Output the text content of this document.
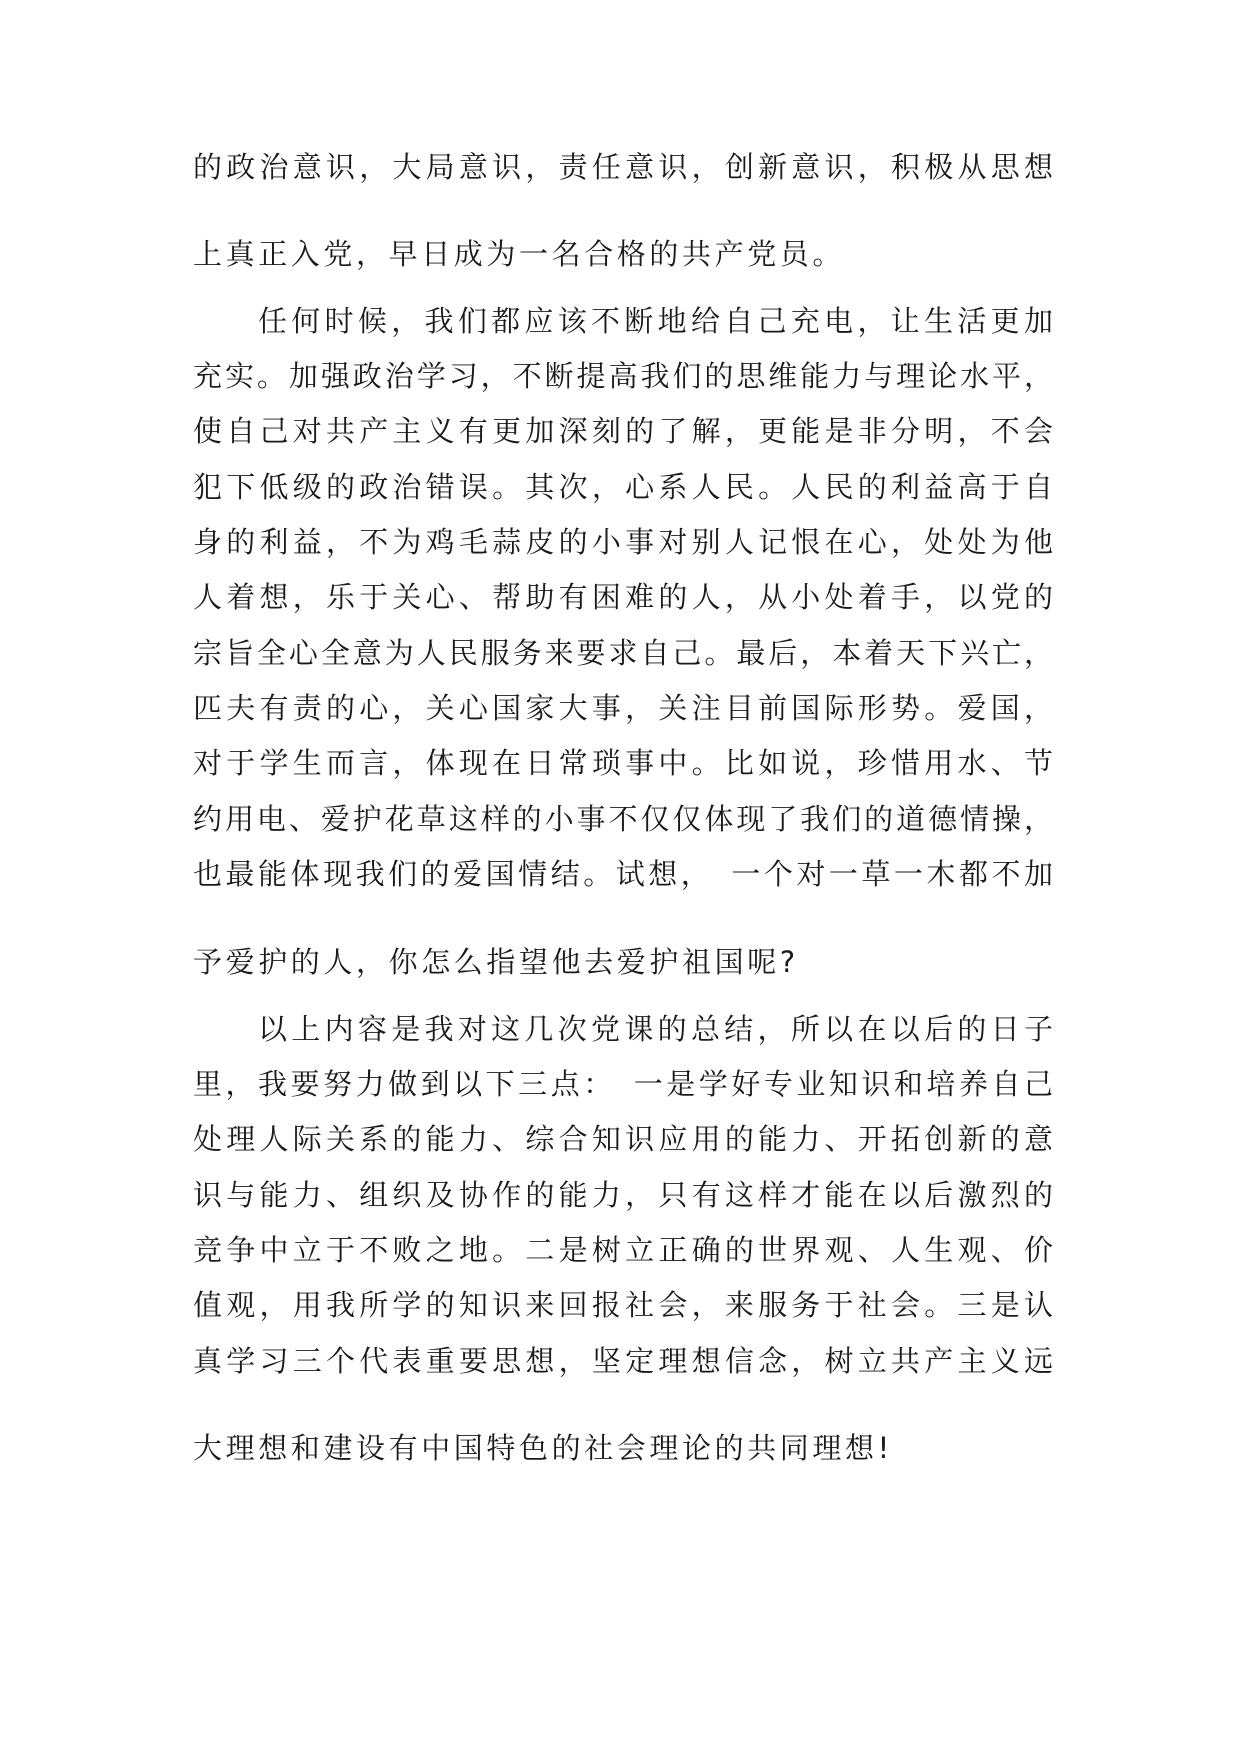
的政治意识，大局意识，责任意识，创新意识，积极从思想
上真正入党，早日成为一名合格的共产党员。
任何时候，我们都应该不断地给自己充电，让生活更加
充实。加强政治学习，不断提高我们的思维能力与理论水平，
使自己对共产主义有更加深刻的了解，更能是非分明，不会
犯下低级的政治错误。其次，心系人民。人民的利益高于自
身的利益，不为鸡毛蒜皮的小事对别人记恨在心，处处为他
人着想，乐于关心、帮助有困难的人，从小处着手，以党的
宗旨全心全意为人民服务来要求自己。最后，本着天下兴亡，
匹夫有责的心，关心国家大事，关注目前国际形势。爱国，
对于学生而言，体现在日常琐事中。比如说，珍惜用水、节
约用电、爱护花草这样的小事不仅仅体现了我们的道德情操，
也最能体现我们的爱国情结。试想，　一个对一草一木都不加
予爱护的人，你怎么指望他去爱护祖国呢?
以上内容是我对这几次党课的总结，所以在以后的日子
里，我要努力做到以下三点：　一是学好专业知识和培养自己
处理人际关系的能力、综合知识应用的能力、开拓创新的意
识与能力、组织及协作的能力，只有这样才能在以后激烈的
竞争中立于不败之地。二是树立正确的世界观、人生观、价
值观，用我所学的知识来回报社会，来服务于社会。三是认
真学习三个代表重要思想，坚定理想信念，树立共产主义远
大理想和建设有中国特色的社会理论的共同理想!
